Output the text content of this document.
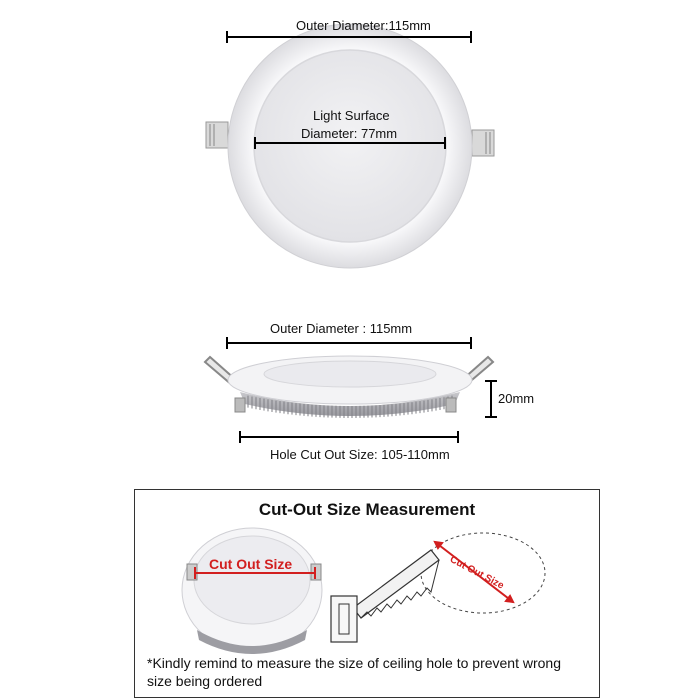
Outer Diameter:115mm
Light Surface
Diameter: 77mm
Outer Diameter : 115mm
20mm
Hole Cut Out Size: 105-110mm
Cut-Out Size Measurement
Cut Out Size	Cut Out Size
*Kindly remind to measure the size of ceiling hole to prevent wrong size being ordered
